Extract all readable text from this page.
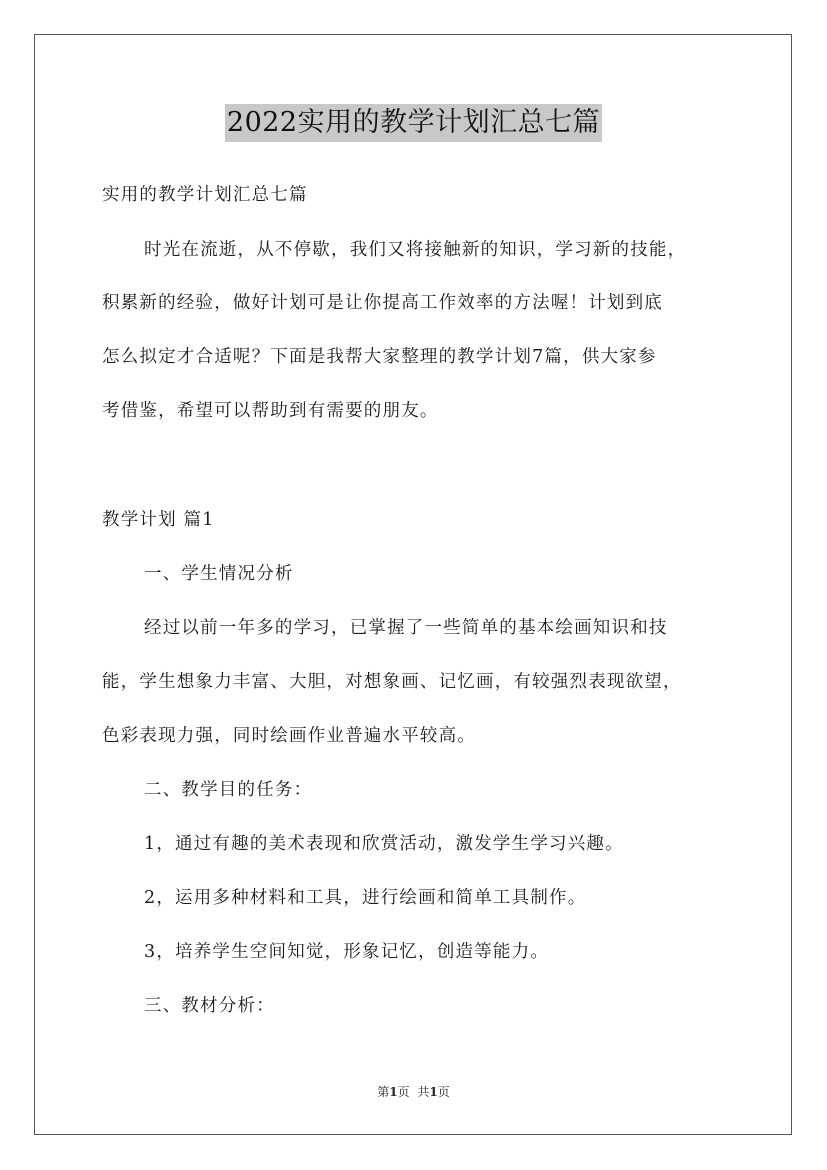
2022实用的教学计划汇总七篇
实用的教学计划汇总七篇
时光在流逝，从不停歇，我们又将接触新的知识，学习新的技能，
积累新的经验，做好计划可是让你提高工作效率的方法喔！计划到底
怎么拟定才合适呢？下面是我帮大家整理的教学计划7篇，供大家参
考借鉴，希望可以帮助到有需要的朋友。
教学计划 篇1
一、学生情况分析
经过以前一年多的学习，已掌握了一些简单的基本绘画知识和技
能，学生想象力丰富、大胆，对想象画、记忆画，有较强烈表现欲望，
色彩表现力强，同时绘画作业普遍水平较高。
二、教学目的任务：
1，通过有趣的美术表现和欣赏活动，激发学生学习兴趣。
2，运用多种材料和工具，进行绘画和简单工具制作。
3，培养学生空间知觉，形象记忆，创造等能力。
三、教材分析：
第1页 共1页
